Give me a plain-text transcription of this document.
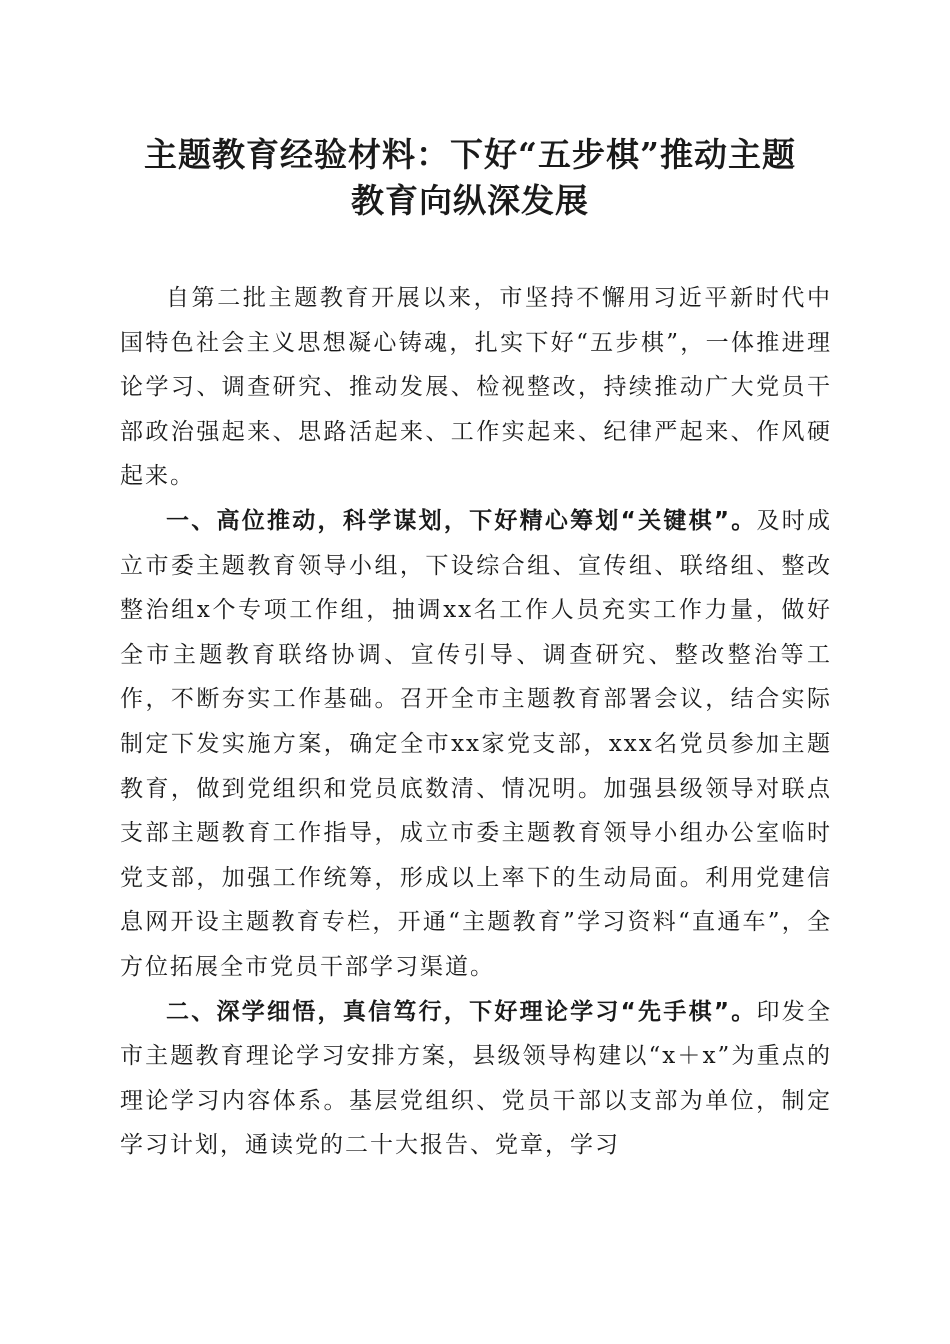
主题教育经验材料：下好“五步棋”推动主题
教育向纵深发展

自第二批主题教育开展以来，市坚持不懈用习近平新时代中国特色社会主义思想凝心铸魂，扎实下好“五步棋”，一体推进理论学习、调查研究、推动发展、检视整改，持续推动广大党员干部政治强起来、思路活起来、工作实起来、纪律严起来、作风硬起来。

一、高位推动，科学谋划，下好精心筹划“关键棋”。及时成立市委主题教育领导小组，下设综合组、宣传组、联络组、整改整治组x个专项工作组，抽调xx名工作人员充实工作力量，做好全市主题教育联络协调、宣传引导、调查研究、整改整治等工作，不断夯实工作基础。召开全市主题教育部署会议，结合实际制定下发实施方案，确定全市xx家党支部，xxx名党员参加主题教育，做到党组织和党员底数清、情况明。加强县级领导对联点支部主题教育工作指导，成立市委主题教育领导小组办公室临时党支部，加强工作统筹，形成以上率下的生动局面。利用党建信息网开设主题教育专栏，开通“主题教育”学习资料“直通车”，全方位拓展全市党员干部学习渠道。

二、深学细悟，真信笃行，下好理论学习“先手棋”。印发全市主题教育理论学习安排方案，县级领导构建以“x＋x”为重点的理论学习内容体系。基层党组织、党员干部以支部为单位，制定学习计划，通读党的二十大报告、党章，学习
